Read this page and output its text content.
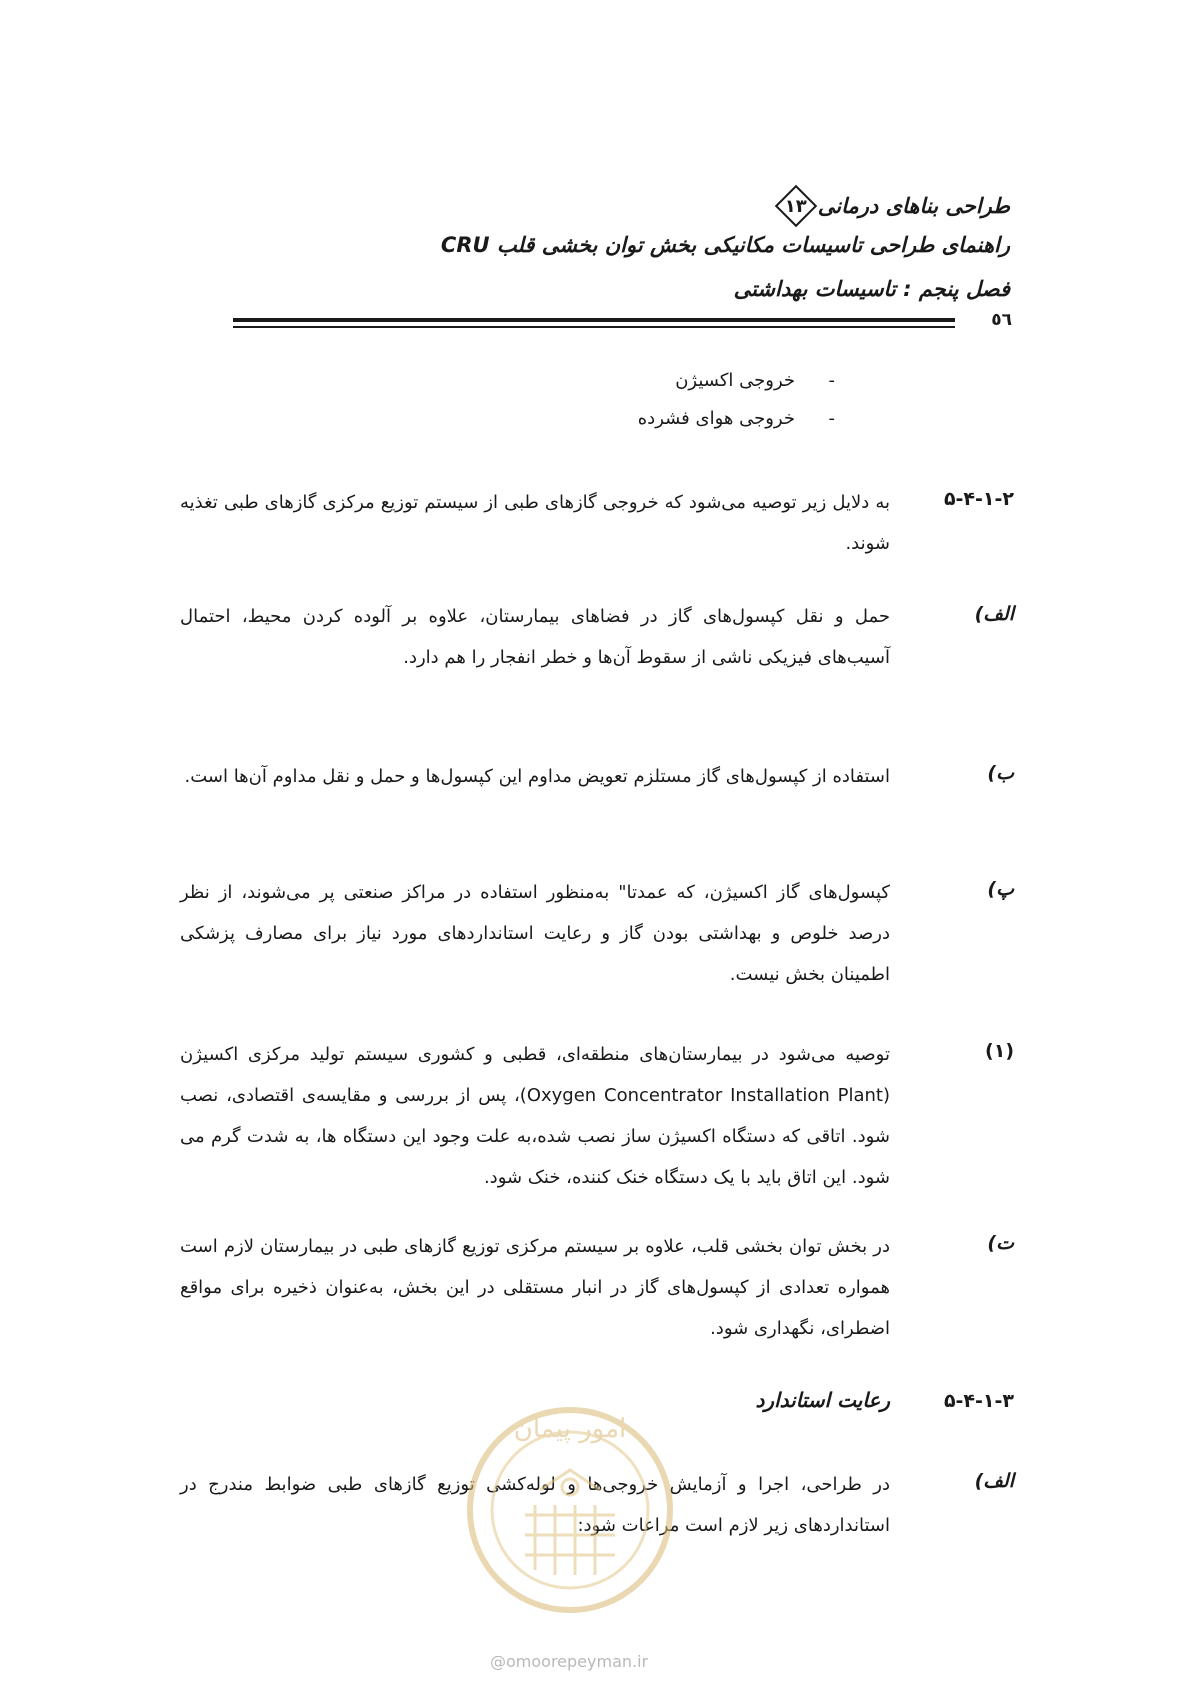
طراحی بناهای درمانی
۱۳
راهنمای طراحی تاسیسات مکانیکی بخش توان بخشی قلب CRU
فصل پنجم : تاسیسات بهداشتی
٥٦
-
خروجی اکسیژن
-
خروجی هوای فشرده
۵-۴-۱-۲
به دلایل زیر توصیه می‌شود که خروجی گازهای طبی از سیستم توزیع مرکزی گازهای طبی تغذیه شوند.
الف)
حمل و نقل کپسول‌های گاز در فضاهای بیمارستان، علاوه بر آلوده کردن محیط، احتمال آسیب‌های فیزیکی ناشی از سقوط آن‌ها و خطر انفجار را هم دارد.
ب)
استفاده از کپسول‌های گاز مستلزم تعویض مداوم این کپسول‌ها و حمل و نقل مداوم آن‌ها است.
پ)
کپسول‌های گاز اکسیژن، که عمدتا" به‌منظور استفاده در مراکز صنعتی پر می‌شوند، از نظر درصد خلوص و بهداشتی بودن گاز و رعایت استانداردهای مورد نیاز برای مصارف پزشکی اطمینان بخش نیست.
(۱)
توصیه می‌شود در بیمارستان‌های منطقه‌ای، قطبی و کشوری سیستم تولید مرکزی اکسیژن (Oxygen Concentrator Installation Plant)، پس از بررسی و مقایسه‌ی اقتصادی، نصب شود. اتاقی که دستگاه اکسیژن ساز نصب شده،به علت وجود این دستگاه ها، به شدت گرم می شود. این اتاق باید با یک دستگاه خنک کننده، خنک شود.
ت)
در بخش توان بخشی قلب، علاوه بر سیستم مرکزی توزیع گازهای طبی در بیمارستان لازم است همواره تعدادی از کپسول‌های گاز در انبار مستقلی در این بخش، به‌عنوان ذخیره برای مواقع اضطرای، نگهداری شود.
۵-۴-۱-۳
رعایت استاندارد
الف)
در طراحی، اجرا و آزمایش خروجی‌ها و لوله‌کشی توزیع گازهای طبی ضوابط مندرج در استانداردهای زیر لازم است مراعات شود:
امور پیمان
@omoorepeyman.ir
